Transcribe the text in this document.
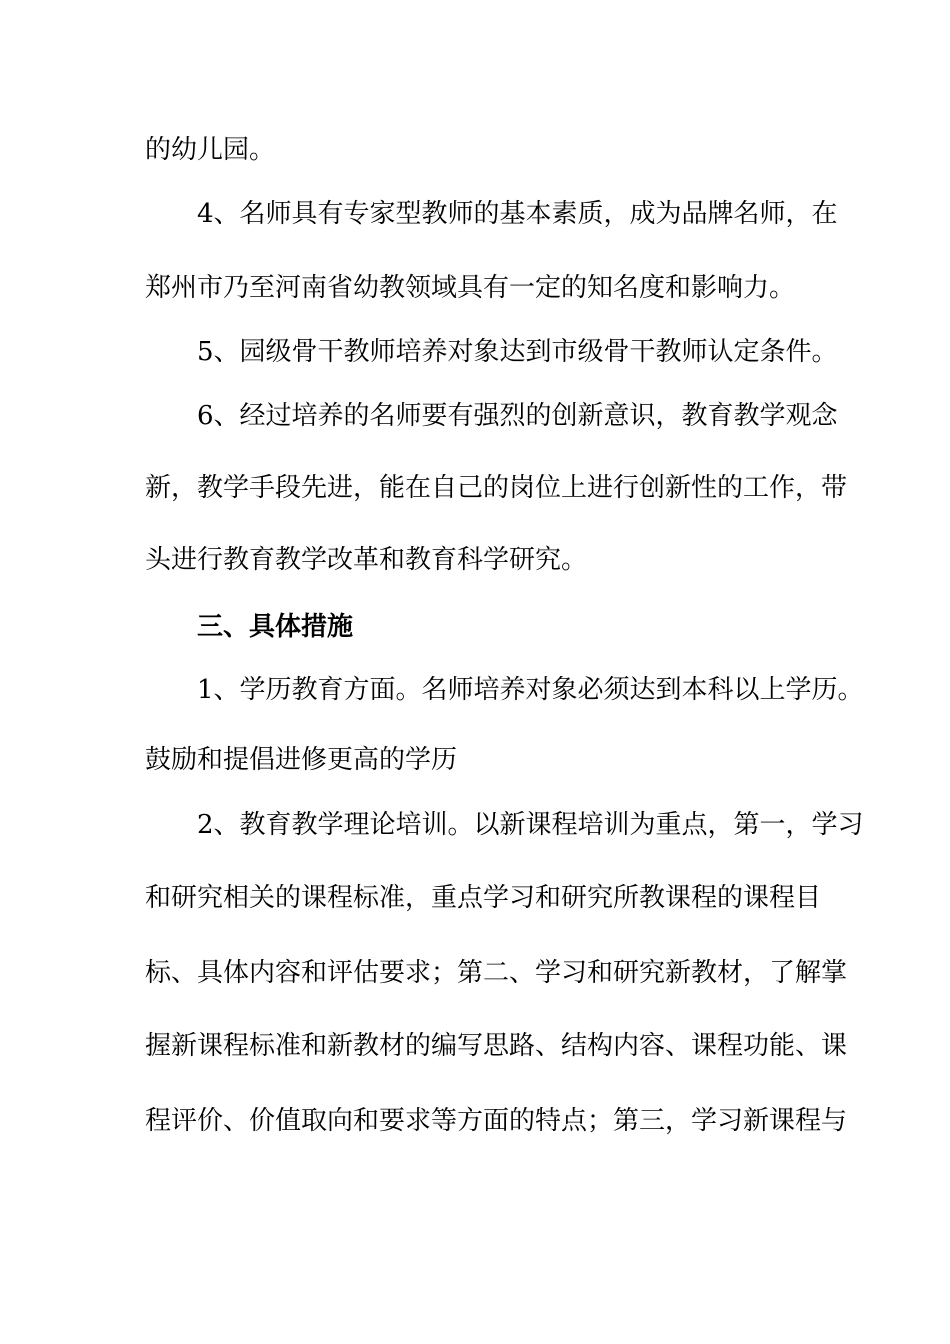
的幼儿园。
4、名师具有专家型教师的基本素质，成为品牌名师，在
郑州市乃至河南省幼教领域具有一定的知名度和影响力。
5、园级骨干教师培养对象达到市级骨干教师认定条件。
6、经过培养的名师要有强烈的创新意识，教育教学观念
新，教学手段先进，能在自己的岗位上进行创新性的工作，带
头进行教育教学改革和教育科学研究。
三、具体措施
1、学历教育方面。名师培养对象必须达到本科以上学历。
鼓励和提倡进修更高的学历
2、教育教学理论培训。以新课程培训为重点，第一，学习
和研究相关的课程标准，重点学习和研究所教课程的课程目
标、具体内容和评估要求；第二、学习和研究新教材，了解掌
握新课程标准和新教材的编写思路、结构内容、课程功能、课
程评价、价值取向和要求等方面的特点；第三，学习新课程与
